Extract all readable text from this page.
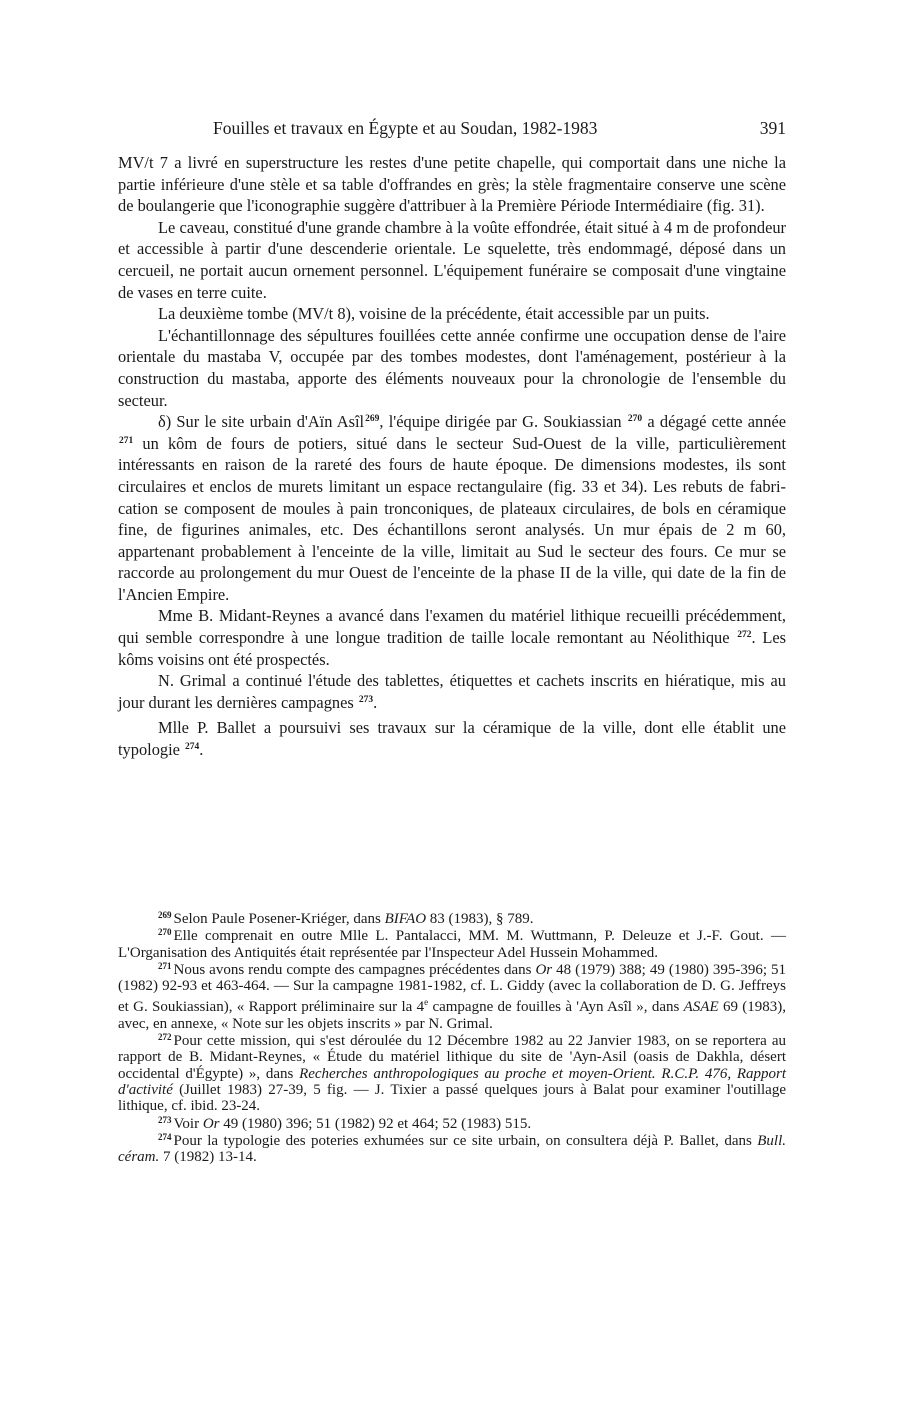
Fouilles et travaux en Égypte et au Soudan, 1982-1983	391

MV/t 7 a livré en superstructure les restes d'une petite chapelle, qui comportait dans une niche la partie inférieure d'une stèle et sa table d'offrandes en grès; la stèle fragmentaire conserve une scène de boulangerie que l'iconographie suggère d'attribuer à la Première Période Intermédiaire (fig. 31).

Le caveau, constitué d'une grande chambre à la voûte effondrée, était situé à 4 m de profondeur et accessible à partir d'une descenderie orientale. Le squelette, très endommagé, déposé dans un cercueil, ne portait aucun ornement personnel. L'équipement funéraire se composait d'une vingtaine de vases en terre cuite.

La deuxième tombe (MV/t 8), voisine de la précédente, était accessible par un puits.

L'échantillonnage des sépultures fouillées cette année confirme une occupation dense de l'aire orientale du mastaba V, occupée par des tombes modestes, dont l'aménagement, postérieur à la construction du mastaba, apporte des éléments nouveaux pour la chronologie de l'ensemble du secteur.

δ) Sur le site urbain d'Aïn Asîl$^{269}$, l'équipe dirigée par G. Soukiassian $^{270}$ a dégagé cette année $^{271}$ un kôm de fours de potiers, situé dans le secteur Sud-Ouest de la ville, particulièrement intéressants en raison de la rareté des fours de haute époque. De dimensions modestes, ils sont circulaires et enclos de murets limitant un espace rectangulaire (fig. 33 et 34). Les rebuts de fabrication se composent de moules à pain tronconiques, de plateaux circulaires, de bols en céramique fine, de figurines animales, etc. Des échantillons seront analysés. Un mur épais de 2 m 60, appartenant probablement à l'enceinte de la ville, limitait au Sud le secteur des fours. Ce mur se raccorde au prolongement du mur Ouest de l'enceinte de la phase II de la ville, qui date de la fin de l'Ancien Empire.

Mme B. Midant-Reynes a avancé dans l'examen du matériel lithique recueilli précédemment, qui semble correspondre à une longue tradition de taille locale remontant au Néolithique $^{272}$. Les kôms voisins ont été prospectés.

N. Grimal a continué l'étude des tablettes, étiquettes et cachets inscrits en hiératique, mis au jour durant les dernières campagnes $^{273}$.

Mlle P. Ballet a poursuivi ses travaux sur la céramique de la ville, dont elle établit une typologie $^{274}$.

$^{269}$ Selon Paule Posener-Kriéger, dans BIFAO 83 (1983), § 789.

$^{270}$ Elle comprenait en outre Mlle L. Pantalacci, MM. M. Wuttmann, P. Deleuze et J.-F. Gout. — L'Organisation des Antiquités était représentée par l'Inspecteur Adel Hussein Mohammed.

$^{271}$ Nous avons rendu compte des campagnes précédentes dans Or 48 (1979) 388; 49 (1980) 395-396; 51 (1982) 92-93 et 463-464. — Sur la campagne 1981-1982, cf. L. Giddy (avec la collaboration de D. G. Jeffreys et G. Soukiassian), « Rapport préliminaire sur la 4e campagne de fouilles à 'Ayn Asîl », dans ASAE 69 (1983), avec, en annexe, « Note sur les objets inscrits » par N. Grimal.

$^{272}$ Pour cette mission, qui s'est déroulée du 12 Décembre 1982 au 22 Janvier 1983, on se reportera au rapport de B. Midant-Reynes, « Étude du matériel lithique du site de 'Ayn-Asil (oasis de Dakhla, désert occidental d'Égypte) », dans Recherches anthropologiques au proche et moyen-Orient. R.C.P. 476, Rapport d'activité (Juillet 1983) 27-39, 5 fig. — J. Tixier a passé quelques jours à Balat pour examiner l'outillage lithique, cf. ibid. 23-24.

$^{273}$ Voir Or 49 (1980) 396; 51 (1982) 92 et 464; 52 (1983) 515.

$^{274}$ Pour la typologie des poteries exhumées sur ce site urbain, on consultera déjà P. Ballet, dans Bull. céram. 7 (1982) 13-14.
